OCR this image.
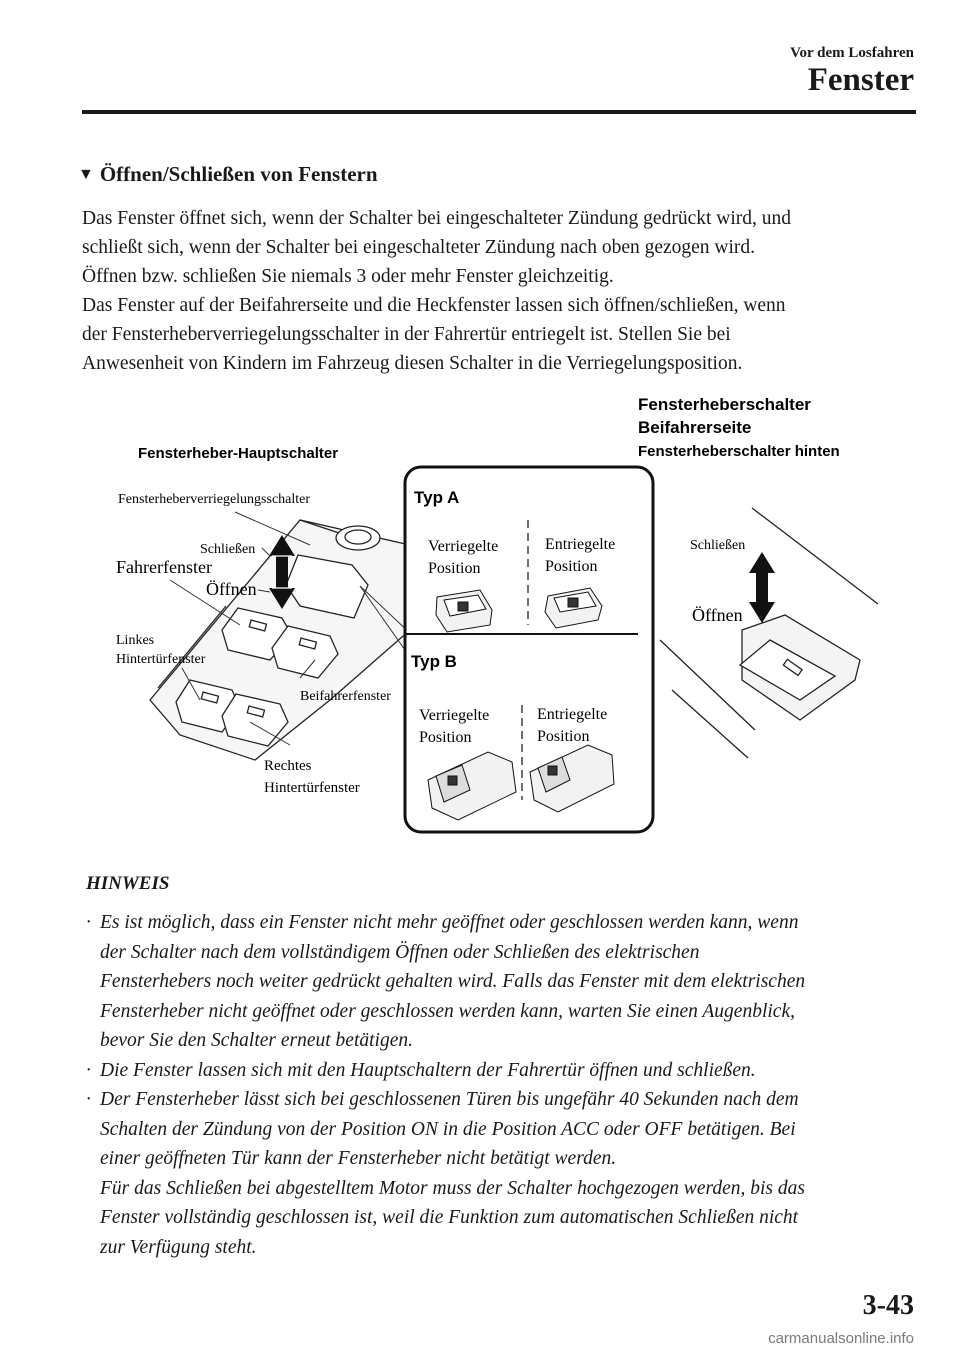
Vor dem Losfahren
Fenster
▼ Öffnen/Schließen von Fenstern

Das Fenster öffnet sich, wenn der Schalter bei eingeschalteter Zündung gedrückt wird, und

schließt sich, wenn der Schalter bei eingeschalteter Zündung nach oben gezogen wird.

Öffnen bzw. schließen Sie niemals 3 oder mehr Fenster gleichzeitig.

Das Fenster auf der Beifahrerseite und die Heckfenster lassen sich öffnen/schließen, wenn

der Fensterheberverriegelungsschalter in der Fahrertür entriegelt ist. Stellen Sie bei

Anwesenheit von Kindern im Fahrzeug diesen Schalter in die Verriegelungsposition.

Fensterheber-Hauptschalter
Fensterheberverriegelungsschalter
Schließen
Fahrerfenster
Öffnen
Linkes
Hintertürfenster
Beifahrerfenster
Rechtes
Hintertürfenster
Typ A
Verriegelte
Position
Entriegelte
Position
Typ B
Verriegelte
Position
Entriegelte
Position
Fensterheberschalter
Beifahrerseite
Fensterheberschalter hinten
Schließen
Öffnen
HINWEIS
· Es ist möglich, dass ein Fenster nicht mehr geöffnet oder geschlossen werden kann, wenn

der Schalter nach dem vollständigem Öffnen oder Schließen des elektrischen

Fensterhebers noch weiter gedrückt gehalten wird. Falls das Fenster mit dem elektrischen

Fensterheber nicht geöffnet oder geschlossen werden kann, warten Sie einen Augenblick,

bevor Sie den Schalter erneut betätigen.

· Die Fenster lassen sich mit den Hauptschaltern der Fahrertür öffnen und schließen.

· Der Fensterheber lässt sich bei geschlossenen Türen bis ungefähr 40 Sekunden nach dem

Schalten der Zündung von der Position ON in die Position ACC oder OFF betätigen. Bei

einer geöffneten Tür kann der Fensterheber nicht betätigt werden.

Für das Schließen bei abgestelltem Motor muss der Schalter hochgezogen werden, bis das

Fenster vollständig geschlossen ist, weil die Funktion zum automatischen Schließen nicht

zur Verfügung steht.

3-43
carmanualsonline.info
